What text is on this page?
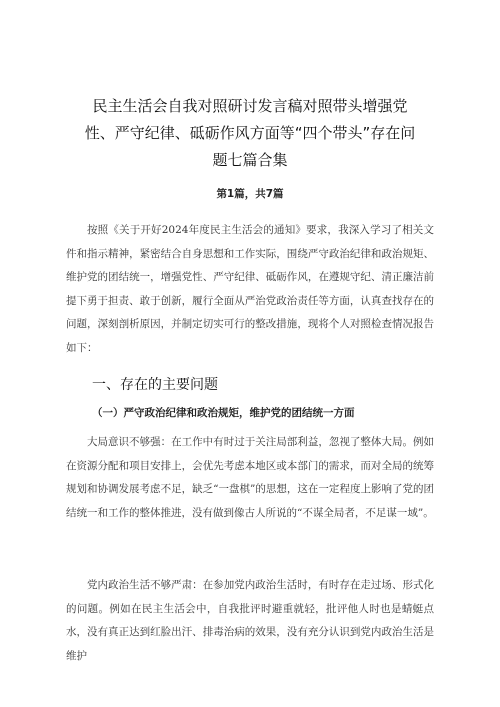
民主生活会自我对照研讨发言稿对照带头增强党性、严守纪律、砥砺作风方面等“四个带头”存在问题七篇合集
第1篇，共7篇

按照《关于开好2024年度民主生活会的通知》要求，我深入学习了相关文件和指示精神，紧密结合自身思想和工作实际，围绕严守政治纪律和政治规矩、维护党的团结统一，增强党性、严守纪律、砥砺作风，在遵规守纪、清正廉洁前提下勇于担责、敢于创新，履行全面从严治党政治责任等方面，认真查找存在的问题，深刻剖析原因，并制定切实可行的整改措施，现将个人对照检查情况报告如下：

一、存在的主要问题
（一）严守政治纪律和政治规矩，维护党的团结统一方面

大局意识不够强：在工作中有时过于关注局部利益，忽视了整体大局。例如在资源分配和项目安排上，会优先考虑本地区或本部门的需求，而对全局的统筹规划和协调发展考虑不足，缺乏“一盘棋”的思想，这在一定程度上影响了党的团结统一和工作的整体推进，没有做到像古人所说的“不谋全局者，不足谋一域”。

党内政治生活不够严肃：在参加党内政治生活时，有时存在走过场、形式化的问题。例如在民主生活会中，自我批评时避重就轻，批评他人时也是蜻蜓点水，没有真正达到红脸出汗、排毒治病的效果，没有充分认识到党内政治生活是维护
